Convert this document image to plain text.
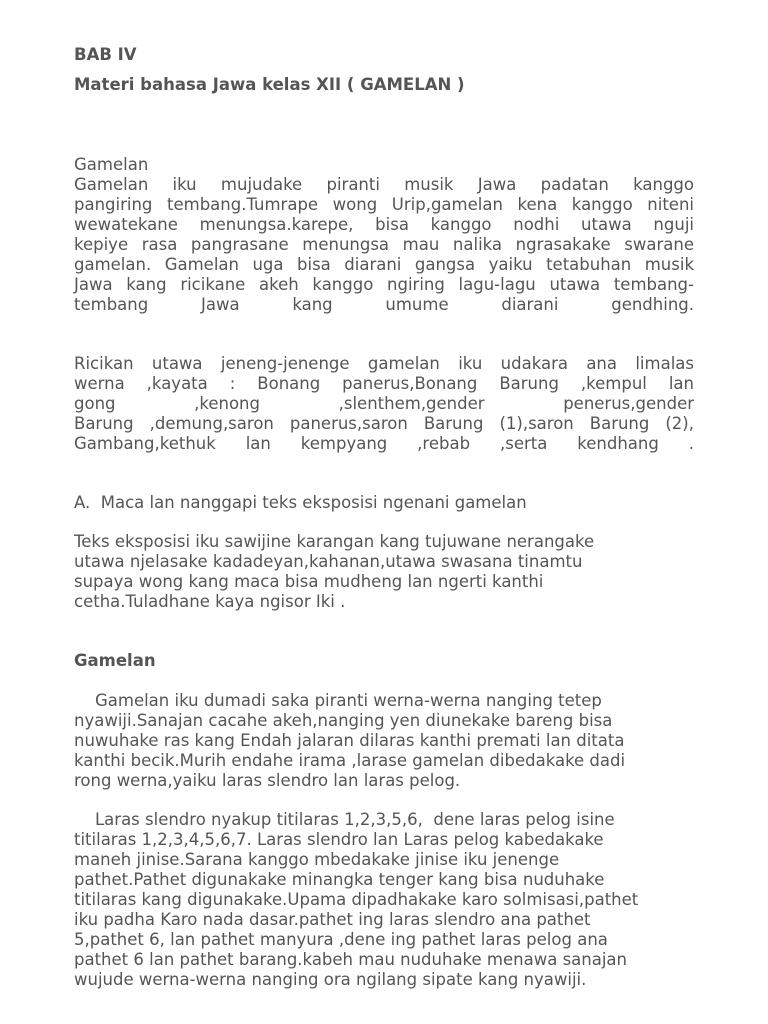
BAB IV
Materi bahasa Jawa kelas XII ( GAMELAN )
Gamelan
Gamelan iku mujudake piranti musik Jawa padatan kanggo
pangiring tembang.Tumrape wong Urip,gamelan kena kanggo niteni
wewatekane menungsa.karepe, bisa kanggo nodhi utawa nguji
kepiye rasa pangrasane menungsa mau nalika ngrasakake swarane
gamelan. Gamelan uga bisa diarani gangsa yaiku tetabuhan musik
Jawa kang ricikane akeh kanggo ngiring lagu-lagu utawa tembang-
tembang Jawa kang umume diarani gendhing.
Ricikan utawa jeneng-jenenge gamelan iku udakara ana limalas
werna ,kayata : Bonang panerus,Bonang Barung ,kempul lan
gong ,kenong ,slenthem,gender penerus,gender
Barung ,demung,saron panerus,saron Barung (1),saron Barung (2),
Gambang,kethuk lan kempyang ,rebab ,serta kendhang .
A.  Maca lan nanggapi teks eksposisi ngenani gamelan
Teks eksposisi iku sawijine karangan kang tujuwane nerangake
utawa njelasake kadadeyan,kahanan,utawa swasana tinamtu
supaya wong kang maca bisa mudheng lan ngerti kanthi
cetha.Tuladhane kaya ngisor Iki .
Gamelan
Gamelan iku dumadi saka piranti werna-werna nanging tetep
nyawiji.Sanajan cacahe akeh,nanging yen diunekake bareng bisa
nuwuhake ras kang Endah jalaran dilaras kanthi premati lan ditata
kanthi becik.Murih endahe irama ,larase gamelan dibedakake dadi
rong werna,yaiku laras slendro lan laras pelog.
Laras slendro nyakup titilaras 1,2,3,5,6,  dene laras pelog isine
titilaras 1,2,3,4,5,6,7. Laras slendro lan Laras pelog kabedakake
maneh jinise.Sarana kanggo mbedakake jinise iku jenenge
pathet.Pathet digunakake minangka tenger kang bisa nuduhake
titilaras kang digunakake.Upama dipadhakake karo solmisasi,pathet
iku padha Karo nada dasar.pathet ing laras slendro ana pathet
5,pathet 6, lan pathet manyura ,dene ing pathet laras pelog ana
pathet 6 lan pathet barang.kabeh mau nuduhake menawa sanajan
wujude werna-werna nanging ora ngilang sipate kang nyawiji.
